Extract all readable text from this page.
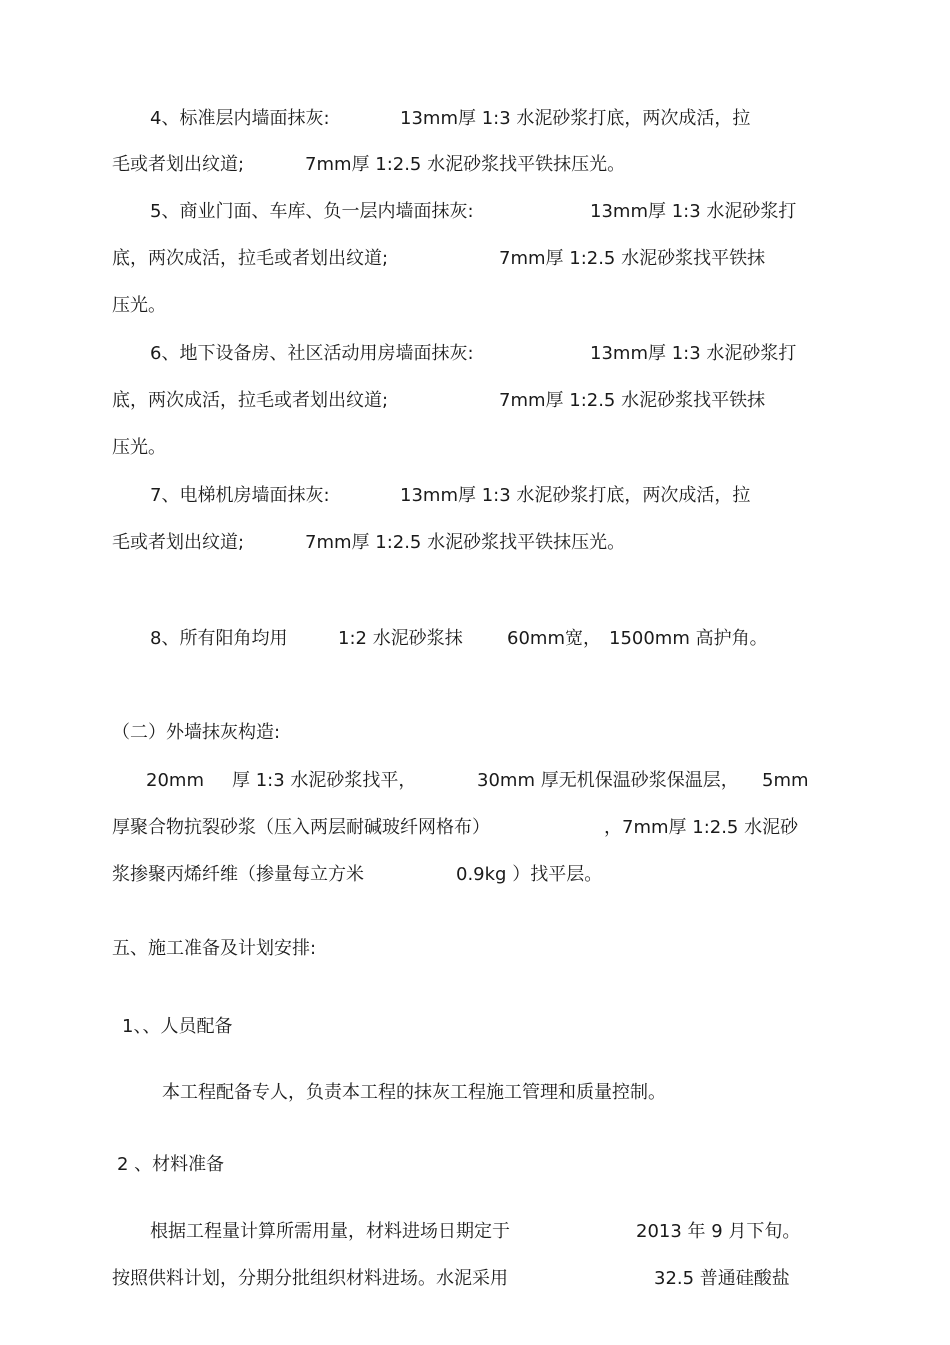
4、标准层内墙面抹灰:	13mm厚 1:3 水泥砂浆打底，两次成活，拉
毛或者划出纹道;	7mm厚 1:2.5 水泥砂浆找平铁抹压光。
5、商业门面、车库、负一层内墙面抹灰:	13mm厚 1:3 水泥砂浆打
底，两次成活，拉毛或者划出纹道;	7mm厚 1:2.5 水泥砂浆找平铁抹
压光。
6、地下设备房、社区活动用房墙面抹灰:	13mm厚 1:3 水泥砂浆打
底，两次成活，拉毛或者划出纹道;	7mm厚 1:2.5 水泥砂浆找平铁抹
压光。
7、电梯机房墙面抹灰:	13mm厚 1:3 水泥砂浆打底，两次成活，拉
毛或者划出纹道;	7mm厚 1:2.5 水泥砂浆找平铁抹压光。
8、所有阳角均用	1:2 水泥砂浆抹 60mm宽， 1500mm 高护角。
（二）外墙抹灰构造:
20mm 厚 1:3 水泥砂浆找平，	30mm 厚无机保温砂浆保温层， 5mm
厚聚合物抗裂砂浆（压入两层耐碱玻纤网格布）	，7mm厚 1:2.5 水泥砂
浆掺聚丙烯纤维（掺量每立方米	0.9kg ）找平层。
五、施工准备及计划安排:
1、、人员配备
本工程配备专人，负责本工程的抹灰工程施工管理和质量控制。
2 、材料准备
根据工程量计算所需用量，材料进场日期定于	2013 年 9 月下旬。
按照供料计划，分期分批组织材料进场。水泥采用	32.5 普通硅酸盐
